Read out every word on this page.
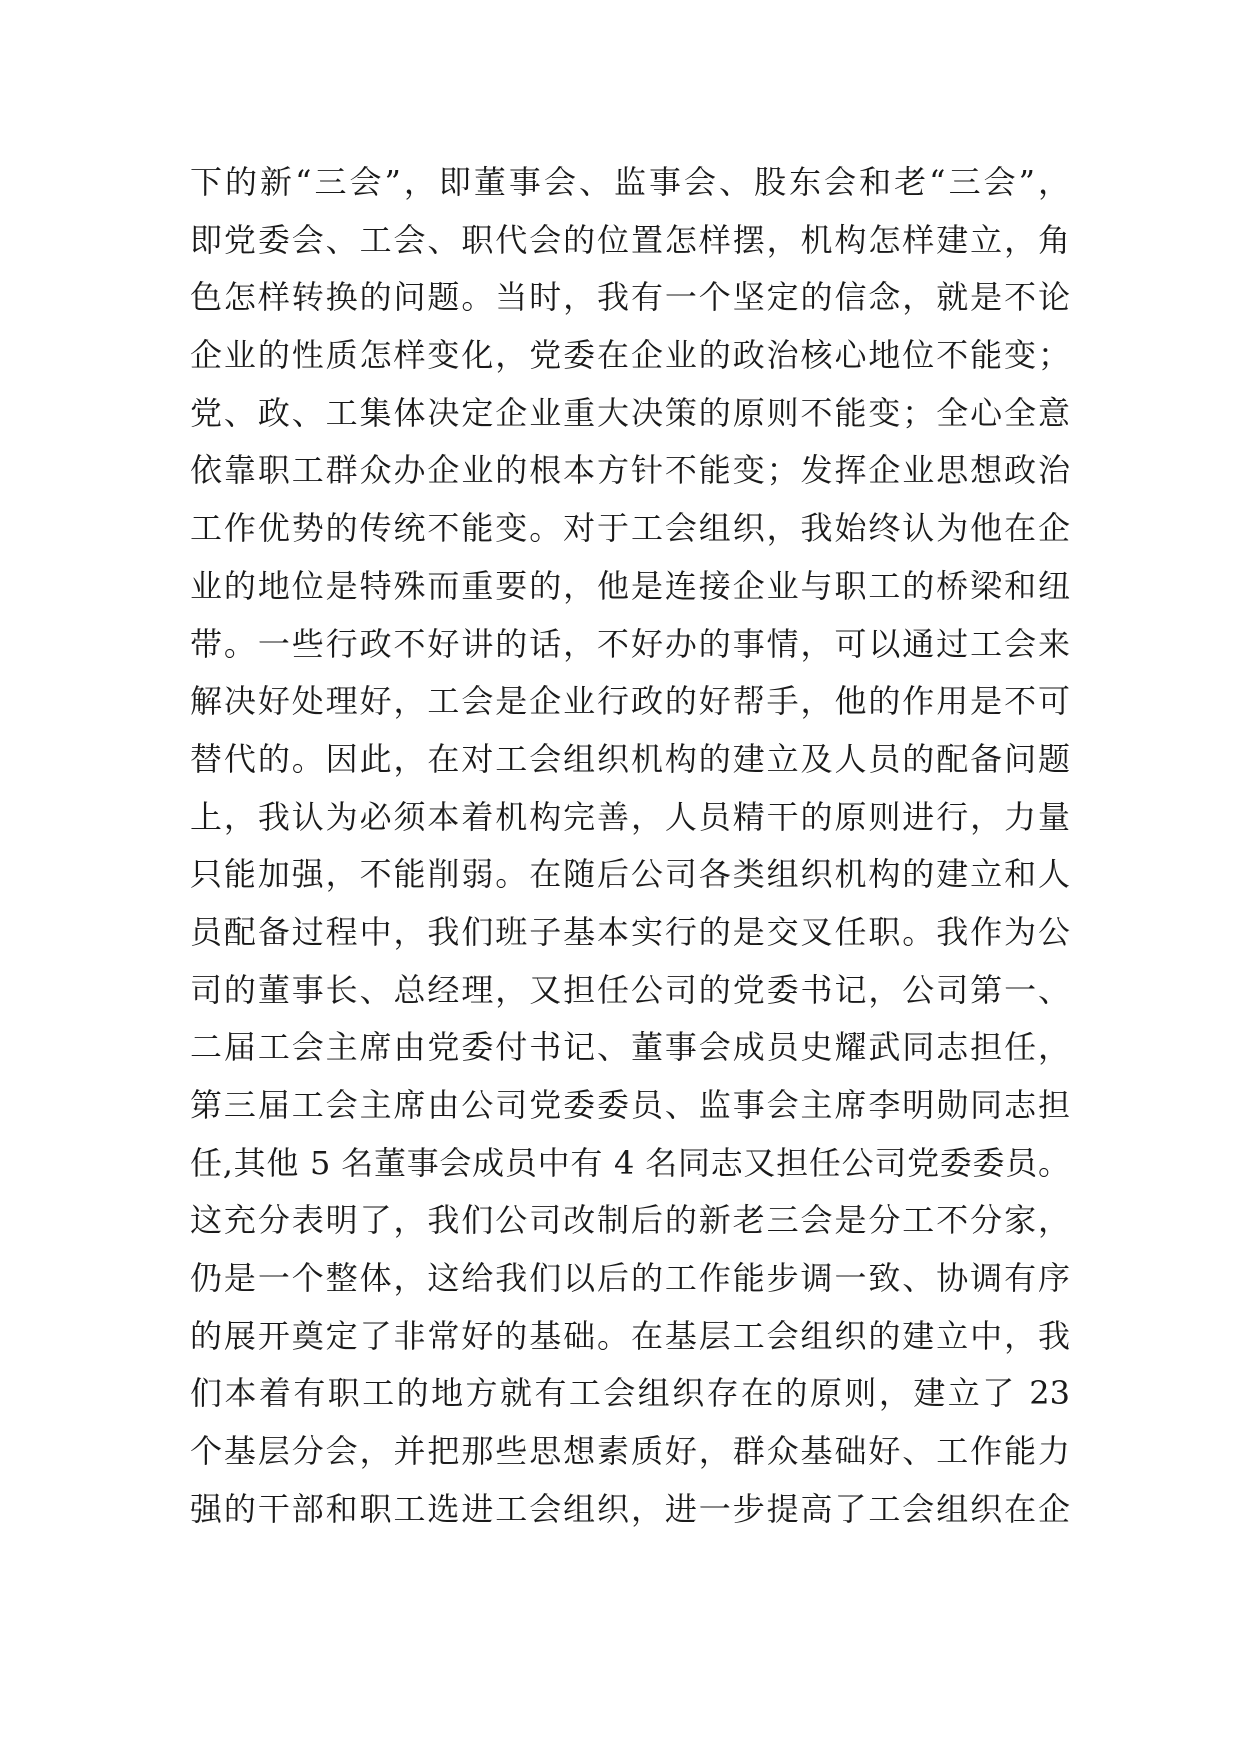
下的新“三会”，即董事会、监事会、股东会和老“三会”，
即党委会、工会、职代会的位置怎样摆，机构怎样建立，角
色怎样转换的问题。当时，我有一个坚定的信念，就是不论
企业的性质怎样变化，党委在企业的政治核心地位不能变；
党、政、工集体决定企业重大决策的原则不能变；全心全意
依靠职工群众办企业的根本方针不能变；发挥企业思想政治
工作优势的传统不能变。对于工会组织，我始终认为他在企
业的地位是特殊而重要的，他是连接企业与职工的桥梁和纽
带。一些行政不好讲的话，不好办的事情，可以通过工会来
解决好处理好，工会是企业行政的好帮手，他的作用是不可
替代的。因此，在对工会组织机构的建立及人员的配备问题
上，我认为必须本着机构完善，人员精干的原则进行，力量
只能加强，不能削弱。在随后公司各类组织机构的建立和人
员配备过程中，我们班子基本实行的是交叉任职。我作为公
司的董事长、总经理，又担任公司的党委书记，公司第一、
二届工会主席由党委付书记、董事会成员史耀武同志担任，
第三届工会主席由公司党委委员、监事会主席李明勋同志担
任,其他 5 名董事会成员中有 4 名同志又担任公司党委委员。
这充分表明了，我们公司改制后的新老三会是分工不分家，
仍是一个整体，这给我们以后的工作能步调一致、协调有序
的展开奠定了非常好的基础。在基层工会组织的建立中，我
们本着有职工的地方就有工会组织存在的原则，建立了 23
个基层分会，并把那些思想素质好，群众基础好、工作能力
强的干部和职工选进工会组织，进一步提高了工会组织在企
